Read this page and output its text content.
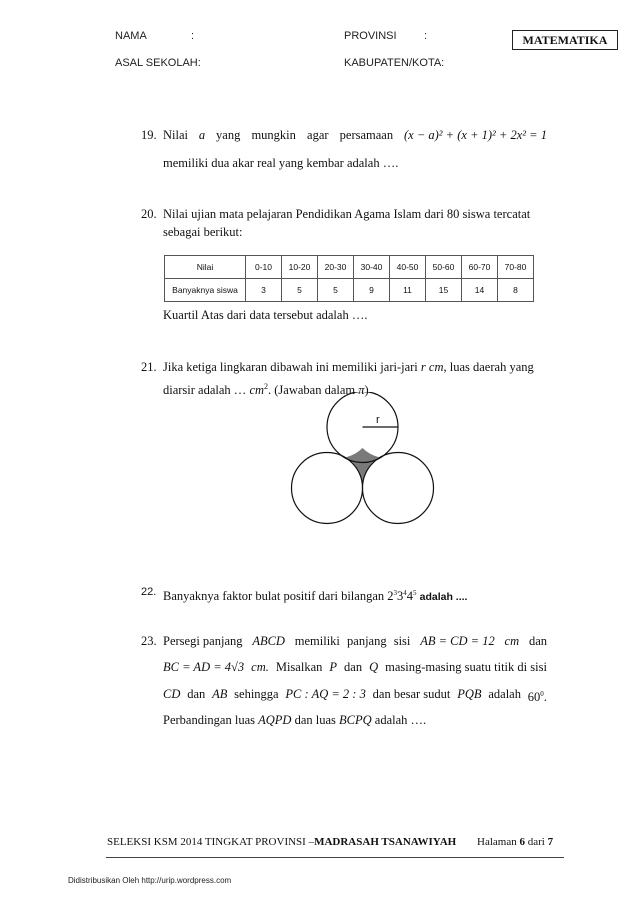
NAMA	:	PROVINSI :	MATEMATIKA
ASAL SEKOLAH:	KABUPATEN/KOTA:
19. Nilai a yang mungkin agar persamaan (x − a)² + (x + 1)² + 2x² = 1
memiliki dua akar real yang kembar adalah ….
20. Nilai ujian mata pelajaran Pendidikan Agama Islam dari 80 siswa tercatat
sebagai berikut:
Nilai	0-10	10-20	20-30	30-40	40-50	50-60	60-70	70-80
Banyaknya siswa	3	5	5	9	11	15	14	8
Kuartil Atas dari data tersebut adalah ….
21. Jika ketiga lingkaran dibawah ini memiliki jari-jari r cm, luas daerah yang
diarsir adalah … $cm^2$. (Jawaban dalam π)
r
22. Banyaknya faktor bulat positif dari bilangan $2^33^44^5$ adalah ....
23. Persegi panjang ABCD memiliki panjang sisi AB = CD = 12 cm dan
BC = AD = 4√3 cm. Misalkan P dan Q masing-masing suatu titik di sisi
CD dan AB sehingga PC : AQ = 2 : 3 dan besar sudut PQB adalah $60^0$.
Perbandingan luas AQPD dan luas BCPQ adalah ….
SELEKSI KSM 2014 TINGKAT PROVINSI –MADRASAH TSANAWIYAH Halaman 6 dari 7
Didistribusikan Oleh http://urip.wordpress.com
